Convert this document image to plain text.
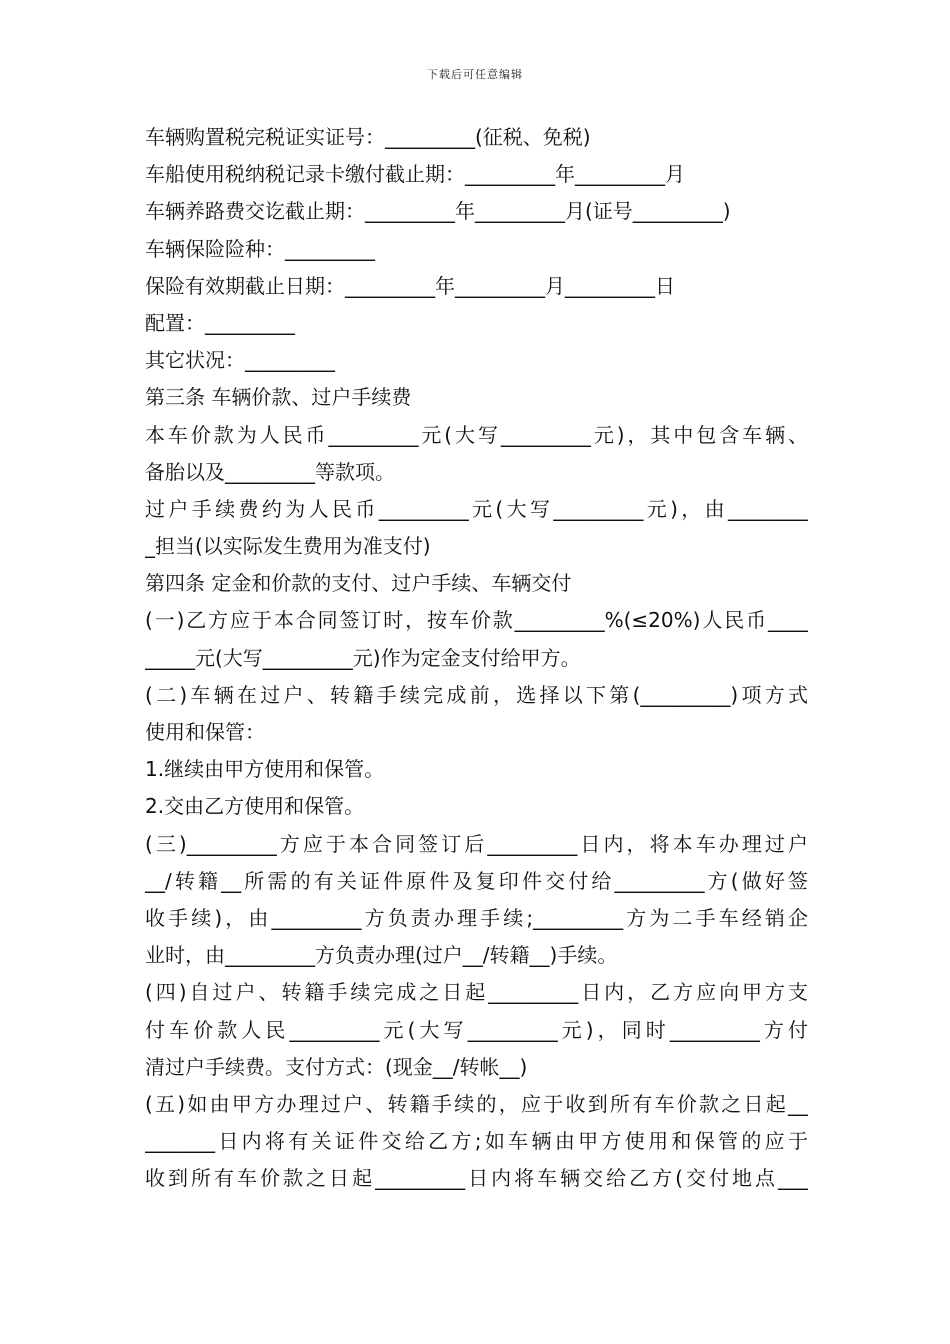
下载后可任意编辑
车辆购置税完税证实证号：_________(征税、免税)
车船使用税纳税记录卡缴付截止期：_________年_________月
车辆养路费交讫截止期：_________年_________月(证号_________)
车辆保险险种：_________
保险有效期截止日期：_________年_________月_________日
配置：_________
其它状况：_________
第三条 车辆价款、过户手续费
本车价款为人民币_________元(大写_________元)，其中包含车辆、
备胎以及_________等款项。
过户手续费约为人民币_________元(大写_________元)，由________
_担当(以实际发生费用为准支付)
第四条 定金和价款的支付、过户手续、车辆交付
(一)乙方应于本合同签订时，按车价款_________%(≤20%)人民币____
_____元(大写_________元)作为定金支付给甲方。
(二)车辆在过户、转籍手续完成前，选择以下第(_________)项方式
使用和保管：
1.继续由甲方使用和保管。
2.交由乙方使用和保管。
(三)_________方应于本合同签订后_________日内，将本车办理过户
__/转籍__所需的有关证件原件及复印件交付给_________方(做好签
收手续)，由_________方负责办理手续;_________方为二手车经销企
业时，由_________方负责办理(过户__/转籍__)手续。
(四)自过户、转籍手续完成之日起_________日内，乙方应向甲方支
付车价款人民_________元(大写_________元)，同时_________方付
清过户手续费。支付方式：(现金__/转帐__)
(五)如由甲方办理过户、转籍手续的，应于收到所有车价款之日起__
_______日内将有关证件交给乙方;如车辆由甲方使用和保管的应于
收到所有车价款之日起_________日内将车辆交给乙方(交付地点___
